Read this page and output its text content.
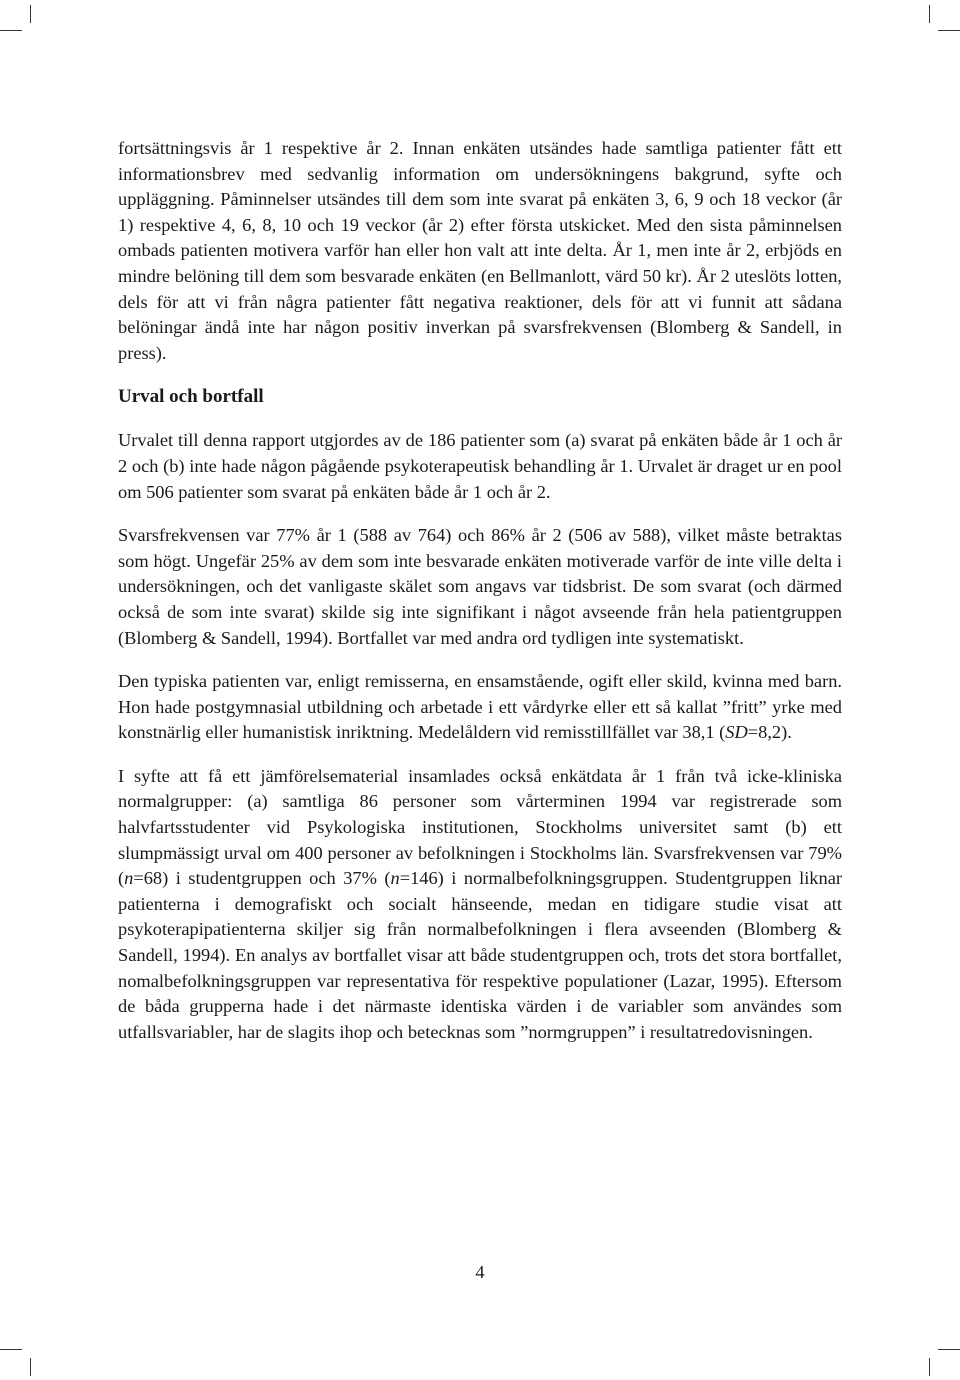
fortsättningsvis år 1 respektive år 2. Innan enkäten utsändes hade samtliga patienter fått ett informationsbrev med sedvanlig information om undersökningens bakgrund, syfte och uppläggning. Påminnelser utsändes till dem som inte svarat på enkäten 3, 6, 9 och 18 veckor (år 1) respektive 4, 6, 8, 10 och 19 veckor (år 2) efter första utskicket. Med den sista påminnelsen ombads patienten motivera varför han eller hon valt att inte delta. År 1, men inte år 2, erbjöds en mindre belöning till dem som besvarade enkäten (en Bellmanlott, värd 50 kr). År 2 uteslöts lotten, dels för att vi från några patienter fått negativa reaktioner, dels för att vi funnit att sådana belöningar ändå inte har någon positiv inverkan på svarsfrekvensen (Blomberg & Sandell, in press).

Urval och bortfall

Urvalet till denna rapport utgjordes av de 186 patienter som (a) svarat på enkäten både år 1 och år 2 och (b) inte hade någon pågående psykoterapeutisk behandling år 1. Urvalet är draget ur en pool om 506 patienter som svarat på enkäten både år 1 och år 2.

Svarsfrekvensen var 77% år 1 (588 av 764) och 86% år 2 (506 av 588), vilket måste betraktas som högt. Ungefär 25% av dem som inte besvarade enkäten motiverade varför de inte ville delta i undersökningen, och det vanligaste skälet som angavs var tidsbrist. De som svarat (och därmed också de som inte svarat) skilde sig inte signifikant i något avseende från hela patientgruppen (Blomberg & Sandell, 1994). Bortfallet var med andra ord tydligen inte systematiskt.

Den typiska patienten var, enligt remisserna, en ensamstående, ogift eller skild, kvinna med barn. Hon hade postgymnasial utbildning och arbetade i ett vårdyrke eller ett så kallat ”fritt” yrke med konstnärlig eller humanistisk inriktning. Medelåldern vid remisstillfället var 38,1 (SD=8,2).

I syfte att få ett jämförelsematerial insamlades också enkätdata år 1 från två icke-kliniska normalgrupper: (a) samtliga 86 personer som vårterminen 1994 var registrerade som halvfartsstudenter vid Psykologiska institutionen, Stockholms universitet samt (b) ett slumpmässigt urval om 400 personer av befolkningen i Stockholms län. Svarsfrekvensen var 79% (n=68) i studentgruppen och 37% (n=146) i normalbefolkningsgruppen. Studentgruppen liknar patienterna i demografiskt och socialt hänseende, medan en tidigare studie visat att psykoterapipatienterna skiljer sig från normalbefolkningen i flera avseenden (Blomberg & Sandell, 1994). En analys av bortfallet visar att både studentgruppen och, trots det stora bortfallet, nomalbefolkningsgruppen var representativa för respektive populationer (Lazar, 1995). Eftersom de båda grupperna hade i det närmaste identiska värden i de variabler som användes som utfallsvariabler, har de slagits ihop och betecknas som ”normgruppen” i resultatredovisningen.

4
